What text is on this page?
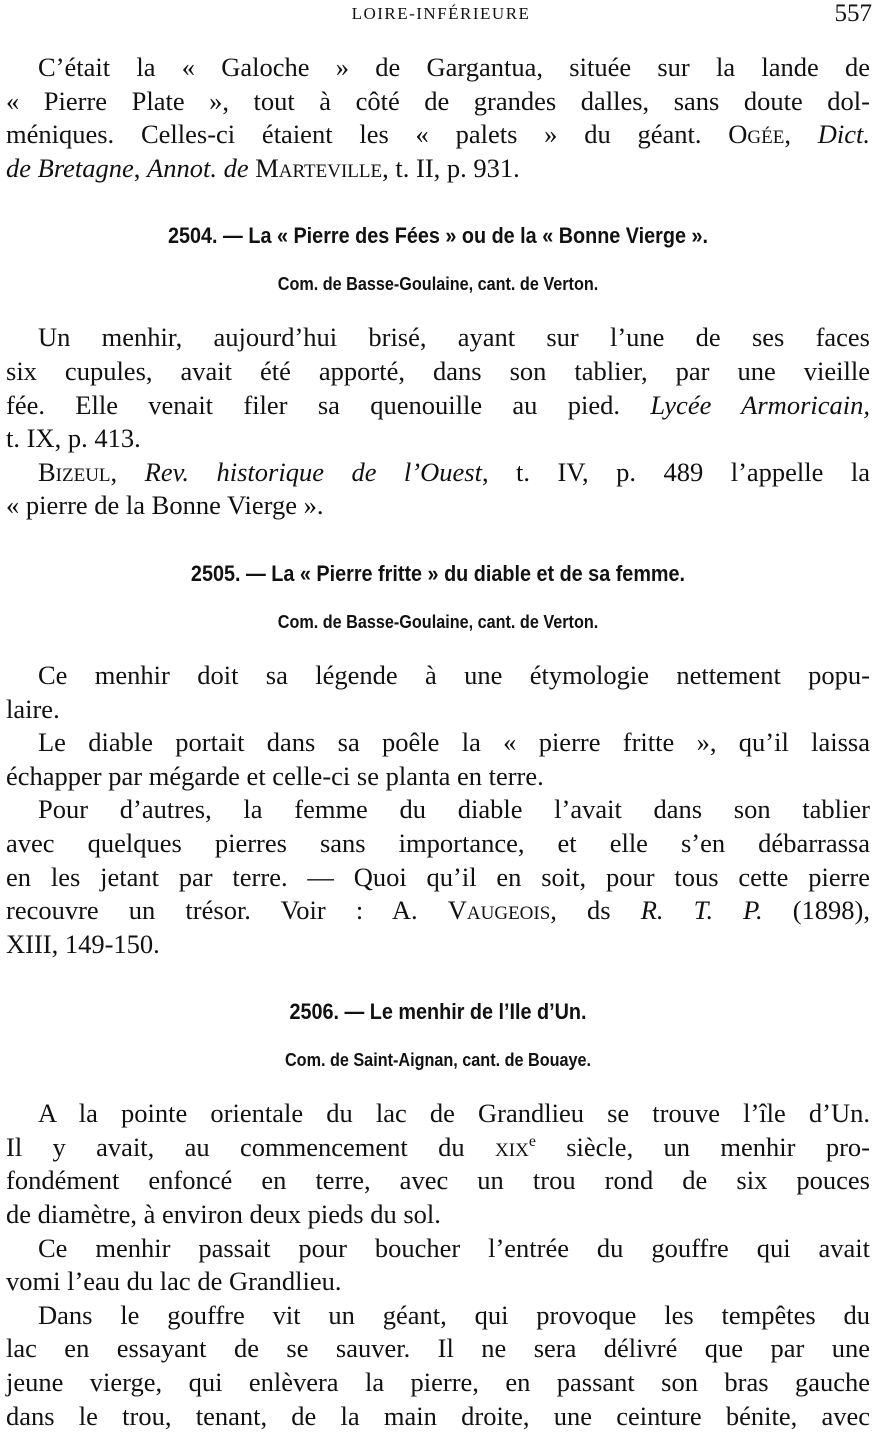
LOIRE-INFÉRIEURE	557
C’était la « Galoche » de Gargantua, située sur la lande de
« Pierre Plate », tout à côté de grandes dalles, sans doute dol-
méniques. Celles-ci étaient les « palets » du géant. Ogée, Dict.
de Bretagne, Annot. de Marteville, t. II, p. 931.
2504. — La « Pierre des Fées » ou de la « Bonne Vierge ».
Com. de Basse-Goulaine, cant. de Verton.
Un menhir, aujourd’hui brisé, ayant sur l’une de ses faces
six cupules, avait été apporté, dans son tablier, par une vieille
fée. Elle venait filer sa quenouille au pied. Lycée Armoricain,
t. IX, p. 413.
Bizeul, Rev. historique de l’Ouest, t. IV, p. 489 l’appelle la
« pierre de la Bonne Vierge ».
2505. — La « Pierre fritte » du diable et de sa femme.
Com. de Basse-Goulaine, cant. de Verton.
Ce menhir doit sa légende à une étymologie nettement popu-
laire.
Le diable portait dans sa poêle la « pierre fritte », qu’il laissa
échapper par mégarde et celle-ci se planta en terre.
Pour d’autres, la femme du diable l’avait dans son tablier
avec quelques pierres sans importance, et elle s’en débarrassa
en les jetant par terre. — Quoi qu’il en soit, pour tous cette pierre
recouvre un trésor. Voir : A. Vaugeois, ds R. T. P. (1898),
XIII, 149-150.
2506. — Le menhir de l’Ile d’Un.
Com. de Saint-Aignan, cant. de Bouaye.
A la pointe orientale du lac de Grandlieu se trouve l’île d’Un.
Il y avait, au commencement du xix$^e$ siècle, un menhir pro-
fondément enfoncé en terre, avec un trou rond de six pouces
de diamètre, à environ deux pieds du sol.
Ce menhir passait pour boucher l’entrée du gouffre qui avait
vomi l’eau du lac de Grandlieu.
Dans le gouffre vit un géant, qui provoque les tempêtes du
lac en essayant de se sauver. Il ne sera délivré que par une
jeune vierge, qui enlèvera la pierre, en passant son bras gauche
dans le trou, tenant, de la main droite, une ceinture bénite, avec
